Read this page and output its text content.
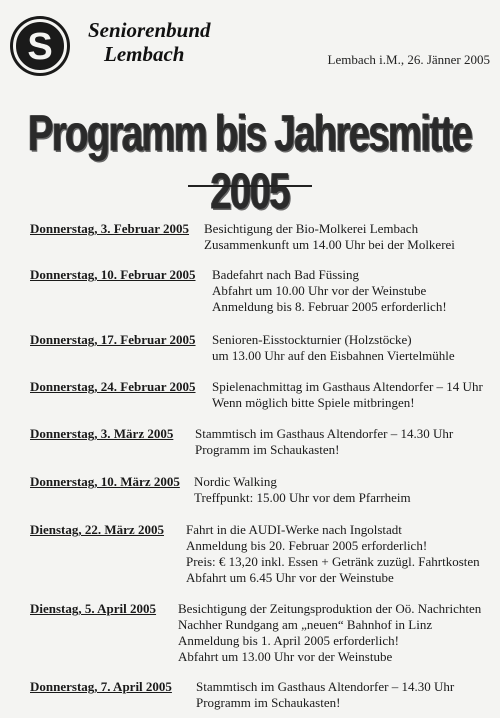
S Seniorenbund
Lembach	Lembach i.M., 26. Jänner 2005
Programm bis Jahresmitte 2005
Donnerstag, 3. Februar 2005 Besichtigung der Bio-Molkerei Lembach
Zusammenkunft um 14.00 Uhr bei der Molkerei
Donnerstag, 10. Februar 2005 Badefahrt nach Bad Füssing
Abfahrt um 10.00 Uhr vor der Weinstube
Anmeldung bis 8. Februar 2005 erforderlich!
Donnerstag, 17. Februar 2005 Senioren-Eisstockturnier (Holzstöcke)
um 13.00 Uhr auf den Eisbahnen Viertelmühle
Donnerstag, 24. Februar 2005 Spielenachmittag im Gasthaus Altendorfer – 14 Uhr
Wenn möglich bitte Spiele mitbringen!
Donnerstag, 3. März 2005 Stammtisch im Gasthaus Altendorfer – 14.30 Uhr
Programm im Schaukasten!
Donnerstag, 10. März 2005 Nordic Walking
Treffpunkt: 15.00 Uhr vor dem Pfarrheim
Dienstag, 22. März 2005 Fahrt in die AUDI-Werke nach Ingolstadt
Anmeldung bis 20. Februar 2005 erforderlich!
Preis: € 13,20 inkl. Essen + Getränk zuzügl. Fahrtkosten
Abfahrt um 6.45 Uhr vor der Weinstube
Dienstag, 5. April 2005 Besichtigung der Zeitungsproduktion der Oö. Nachrichten
Nachher Rundgang am „neuen“ Bahnhof in Linz
Anmeldung bis 1. April 2005 erforderlich!
Abfahrt um 13.00 Uhr vor der Weinstube
Donnerstag, 7. April 2005 Stammtisch im Gasthaus Altendorfer – 14.30 Uhr
Programm im Schaukasten!
